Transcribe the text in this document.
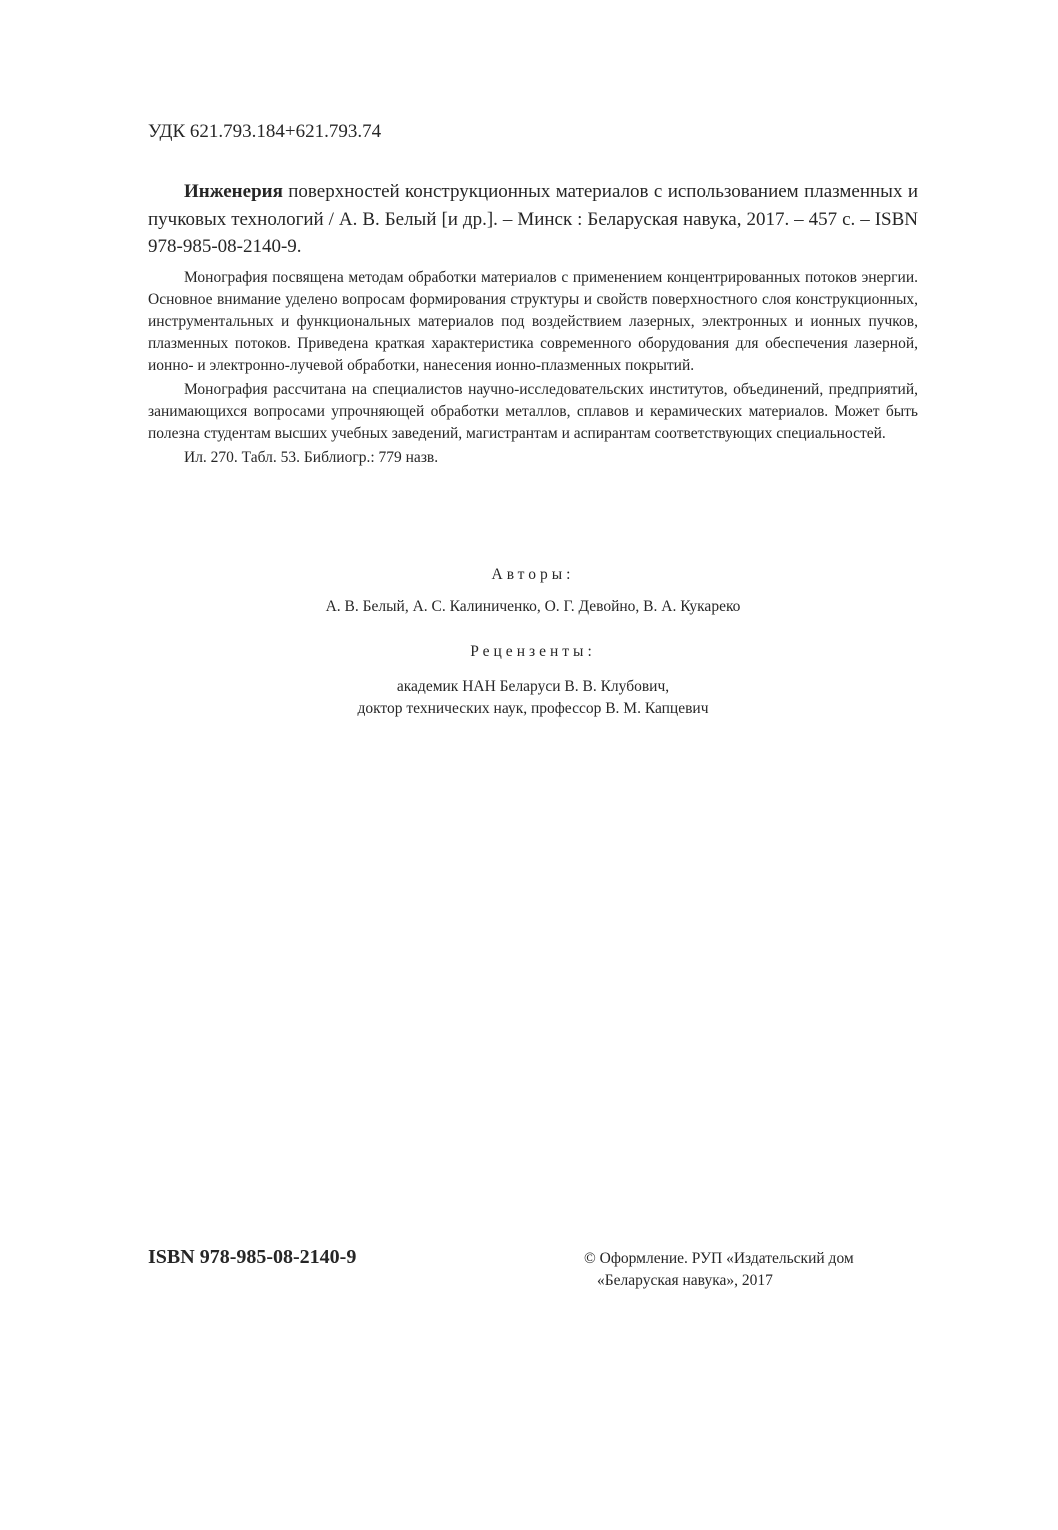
УДК 621.793.184+621.793.74

Инженерия поверхностей конструкционных материалов с использованием плазменных и пучковых технологий / А. В. Белый [и др.]. – Минск : Беларуская навука, 2017. – 457 с. – ISBN 978-985-08-2140-9.

Монография посвящена методам обработки материалов с применением концентрированных потоков энергии. Основное внимание уделено вопросам формирования структуры и свойств поверхностного слоя конструкционных, инструментальных и функциональных материалов под воздействием лазерных, электронных и ионных пучков, плазменных потоков. Приведена краткая характеристика современного оборудования для обеспечения лазерной, ионно- и электронно-лучевой обработки, нанесения ионно-плазменных покрытий.

Монография рассчитана на специалистов научно-исследовательских институтов, объединений, предприятий, занимающихся вопросами упрочняющей обработки металлов, сплавов и керамических материалов. Может быть полезна студентам высших учебных заведений, магистрантам и аспирантам соответствующих специальностей.

Ил. 270. Табл. 53. Библиогр.: 779 назв.

Авторы:
А. В. Белый, А. С. Калиниченко, О. Г. Девойно, В. А. Кукареко
Рецензенты:
академик НАН Беларуси В. В. Клубович,
доктор технических наук, профессор В. М. Капцевич
ISBN 978-985-08-2140-9	© Оформление. РУП «Издательский дом
«Беларуская навука», 2017
